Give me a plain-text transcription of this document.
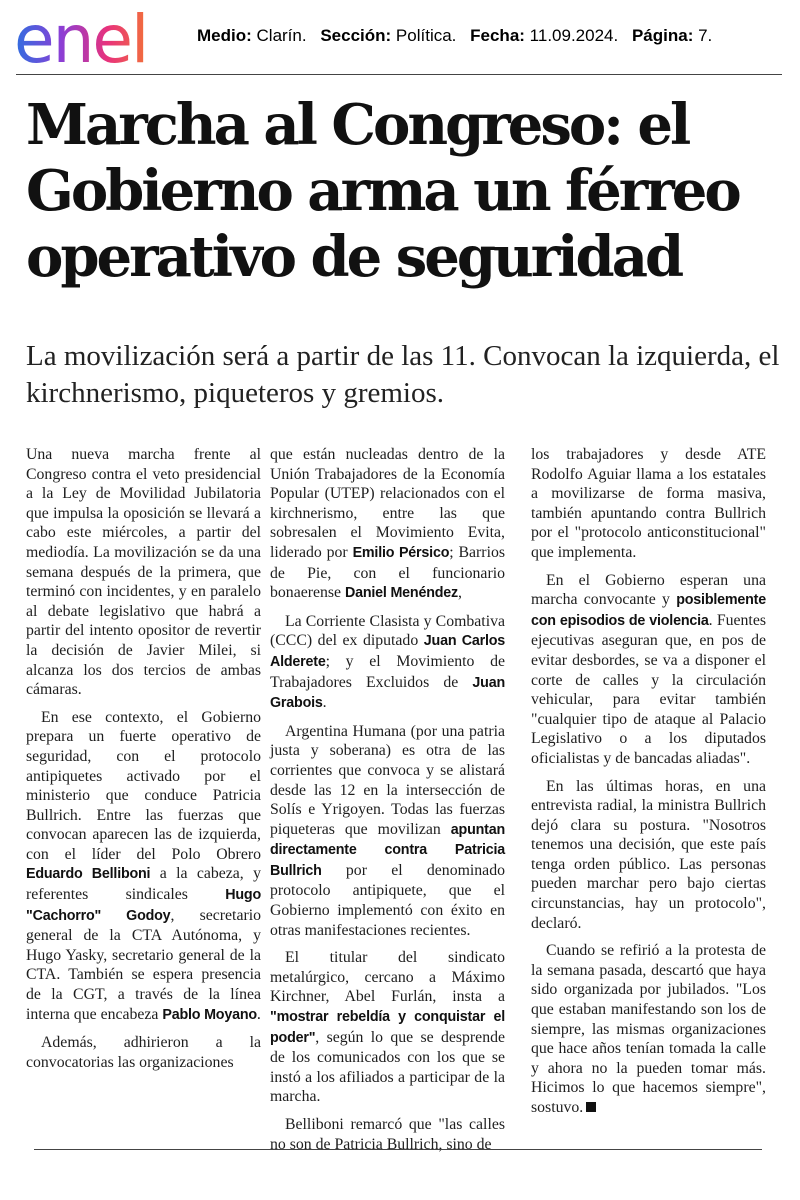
enel	Medio: Clarín. Sección: Política. Fecha: 11.09.2024. Página: 7.
Marcha al Congreso: el Gobierno arma un férreo operativo de seguridad

La movilización será a partir de las 11. Convocan la izquierda, el kirchnerismo, piqueteros y gremios.

Una nueva marcha frente al Congreso contra el veto presidencial a la Ley de Movilidad Jubilatoria que impulsa la oposición se llevará a cabo este miércoles, a partir del mediodía. La movilización se da una semana después de la primera, que terminó con incidentes, y en paralelo al debate legislativo que habrá a partir del intento opositor de revertir la decisión de Javier Milei, si alcanza los dos tercios de ambas cámaras.

En ese contexto, el Gobierno prepara un fuerte operativo de seguridad, con el protocolo antipiquetes activado por el ministerio que conduce Patricia Bullrich. Entre las fuerzas que convocan aparecen las de izquierda, con el líder del Polo Obrero Eduardo Belliboni a la cabeza, y referentes sindicales Hugo "Cachorro" Godoy, secretario general de la CTA Autónoma, y Hugo Yasky, secretario general de la CTA. También se espera presencia de la CGT, a través de la línea interna que encabeza Pablo Moyano.

Además, adhirieron a la convocatorias las organizaciones

que están nucleadas dentro de la Unión Trabajadores de la Economía Popular (UTEP) relacionados con el kirchnerismo, entre las que sobresalen el Movimiento Evita, liderado por Emilio Pérsico; Barrios de Pie, con el funcionario bonaerense Daniel Menéndez,

La Corriente Clasista y Combativa (CCC) del ex diputado Juan Carlos Alderete; y el Movimiento de Trabajadores Excluidos de Juan Grabois.

Argentina Humana (por una patria justa y soberana) es otra de las corrientes que convoca y se alistará desde las 12 en la intersección de Solís e Yrigoyen. Todas las fuerzas piqueteras que movilizan apuntan directamente contra Patricia Bullrich por el denominado protocolo antipiquete, que el Gobierno implementó con éxito en otras manifestaciones recientes.

El titular del sindicato metalúrgico, cercano a Máximo Kirchner, Abel Furlán, insta a "mostrar rebeldía y conquistar el poder", según lo que se desprende de los comunicados con los que se instó a los afiliados a participar de la marcha.

Belliboni remarcó que "las calles no son de Patricia Bullrich, sino de

los trabajadores y desde ATE Rodolfo Aguiar llama a los estatales a movilizarse de forma masiva, también apuntando contra Bullrich por el "protocolo anticonstitucional" que implementa.

En el Gobierno esperan una marcha convocante y posiblemente con episodios de violencia. Fuentes ejecutivas aseguran que, en pos de evitar desbordes, se va a disponer el corte de calles y la circulación vehicular, para evitar también "cualquier tipo de ataque al Palacio Legislativo o a los diputados oficialistas y de bancadas aliadas".

En las últimas horas, en una entrevista radial, la ministra Bullrich dejó clara su postura. "Nosotros tenemos una decisión, que este país tenga orden público. Las personas pueden marchar pero bajo ciertas circunstancias, hay un protocolo", declaró.

Cuando se refirió a la protesta de la semana pasada, descartó que haya sido organizada por jubilados. "Los que estaban manifestando son los de siempre, las mismas organizaciones que hace años tenían tomada la calle y ahora no la pueden tomar más. Hicimos lo que hacemos siempre", sostuvo.
